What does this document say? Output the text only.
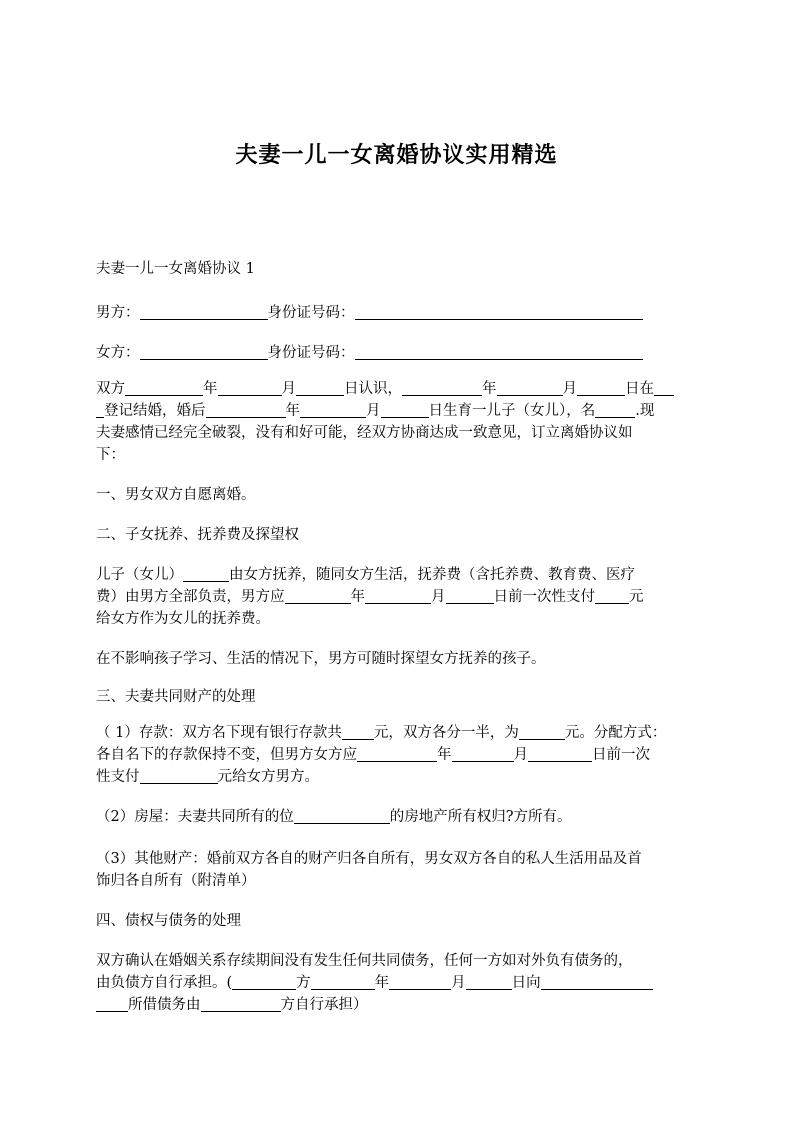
夫妻一儿一女离婚协议实用精选
夫妻一儿一女离婚协议 1
男方：	身份证号码：
女方：	身份证号码：
双方	年	月	日认识，	年	月	日在
登记结婚，婚后	年	月	日生育一儿子（女儿），名	.现
夫妻感情已经完全破裂，没有和好可能，经双方协商达成一致意见，订立离婚协议如
下：
一、男女双方自愿离婚。
二、子女抚养、抚养费及探望权
儿子（女儿）	由女方抚养，随同女方生活，抚养费（含托养费、教育费、医疗
费）由男方全部负责，男方应	年	月	日前一次性支付 元
给女方作为女儿的抚养费。
在不影响孩子学习、生活的情况下，男方可随时探望女方抚养的孩子。
三、夫妻共同财产的处理
（ 1）存款：双方名下现有银行存款共 元，双方各分一半，为	元。分配方式：
各自名下的存款保持不变，但男方女方应	年	月	日前一次
性支付	元给女方男方。
（2）房屋：夫妻共同所有的位	的房地产所有权归?方所有。
（3）其他财产：婚前双方各自的财产归各自所有，男女双方各自的私人生活用品及首
饰归各自所有（附清单）
四、债权与债务的处理
双方确认在婚姻关系存续期间没有发生任何共同债务，任何一方如对外负有债务的，
由负债方自行承担。(	方	年	月	日向
所借债务由	方自行承担）
